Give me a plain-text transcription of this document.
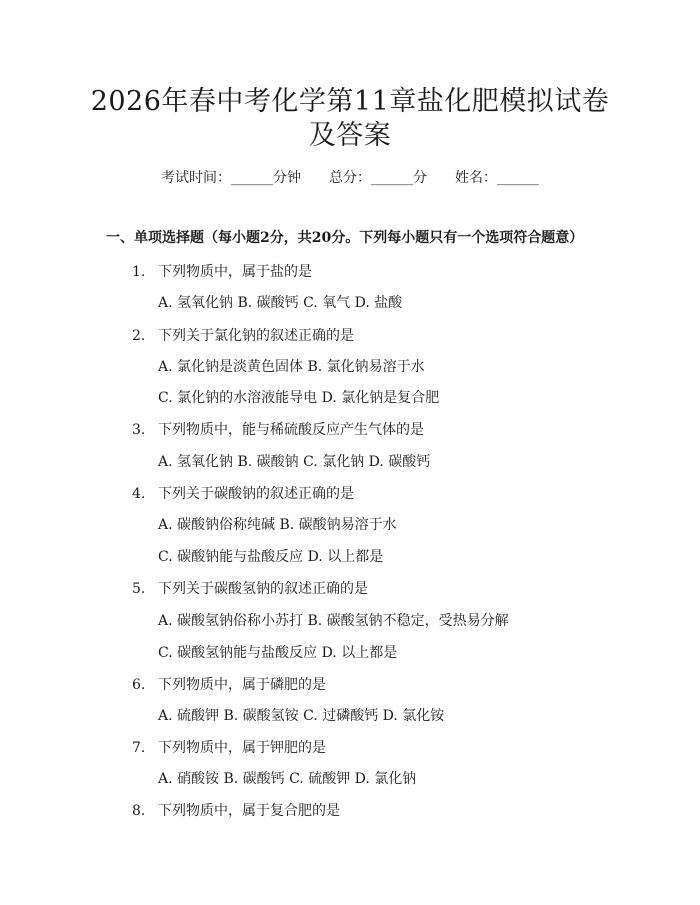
2026年春中考化学第11章盐化肥模拟试卷
及答案
考试时间：______分钟　　总分：______分　　姓名：______
一、单项选择题（每小题2分，共20分。下列每小题只有一个选项符合题意）
1. 下列物质中，属于盐的是
A. 氢氧化钠 B. 碳酸钙 C. 氧气 D. 盐酸
2. 下列关于氯化钠的叙述正确的是
A. 氯化钠是淡黄色固体 B. 氯化钠易溶于水
C. 氯化钠的水溶液能导电 D. 氯化钠是复合肥
3. 下列物质中，能与稀硫酸反应产生气体的是
A. 氢氧化钠 B. 碳酸钠 C. 氯化钠 D. 碳酸钙
4. 下列关于碳酸钠的叙述正确的是
A. 碳酸钠俗称纯碱 B. 碳酸钠易溶于水
C. 碳酸钠能与盐酸反应 D. 以上都是
5. 下列关于碳酸氢钠的叙述正确的是
A. 碳酸氢钠俗称小苏打 B. 碳酸氢钠不稳定，受热易分解
C. 碳酸氢钠能与盐酸反应 D. 以上都是
6. 下列物质中，属于磷肥的是
A. 硫酸钾 B. 碳酸氢铵 C. 过磷酸钙 D. 氯化铵
7. 下列物质中，属于钾肥的是
A. 硝酸铵 B. 碳酸钙 C. 硫酸钾 D. 氯化钠
8. 下列物质中，属于复合肥的是
